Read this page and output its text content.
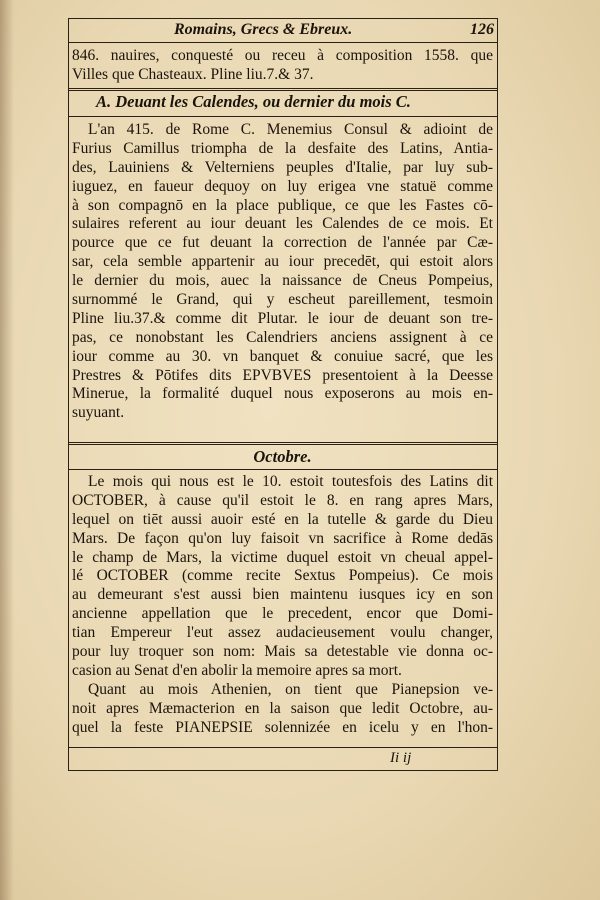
Romains, Grecs & Ebreux.	126
846. nauires, conquesté ou receu à composition 1558. que
Villes que Chasteaux. Pline liu.7.& 37.
A. Deuant les Calendes, ou dernier du mois C.
L'an 415. de Rome C. Menemius Consul & adioint de
Furius Camillus triompha de la desfaite des Latins, Antia-
des, Lauiniens & Velterniens peuples d'Italie, par luy sub-
iuguez, en faueur dequoy on luy erigea vne statuë comme
à son compagnō en la place publique, ce que les Fastes cō-
sulaires referent au iour deuant les Calendes de ce mois. Et
pource que ce fut deuant la correction de l'année par Cæ-
sar, cela semble appartenir au iour precedēt, qui estoit alors
le dernier du mois, auec la naissance de Cneus Pompeius,
surnommé le Grand, qui y escheut pareillement, tesmoin
Pline liu.37.& comme dit Plutar. le iour de deuant son tre-
pas, ce nonobstant les Calendriers anciens assignent à ce
iour comme au 30. vn banquet & conuiue sacré, que les
Prestres & Pōtifes dits EPVBVES presentoient à la Deesse
Minerue, la formalité duquel nous exposerons au mois en-
suyuant.
Octobre.
Le mois qui nous est le 10. estoit toutesfois des Latins dit
OCTOBER, à cause qu'il estoit le 8. en rang apres Mars,
lequel on tiēt aussi auoir esté en la tutelle & garde du Dieu
Mars. De façon qu'on luy faisoit vn sacrifice à Rome dedās
le champ de Mars, la victime duquel estoit vn cheual appel-
lé OCTOBER (comme recite Sextus Pompeius). Ce mois
au demeurant s'est aussi bien maintenu iusques icy en son
ancienne appellation que le precedent, encor que Domi-
tian Empereur l'eut assez audacieusement voulu changer,
pour luy troquer son nom: Mais sa detestable vie donna oc-
casion au Senat d'en abolir la memoire apres sa mort.
Quant au mois Athenien, on tient que Pianepsion ve-
noit apres Mæmacterion en la saison que ledit Octobre, au-
quel la feste PIANEPSIE solennizée en icelu y en l'hon-
Ii ij
